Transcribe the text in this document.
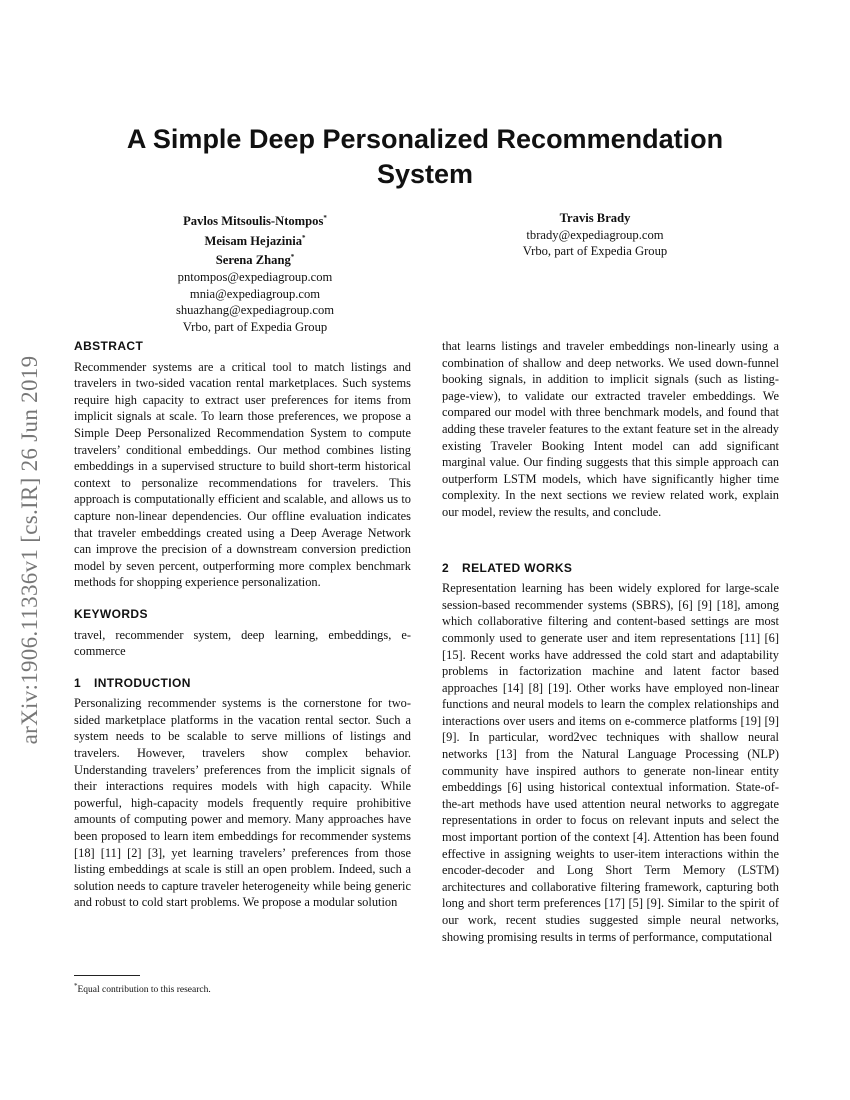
arXiv:1906.11336v1 [cs.IR] 26 Jun 2019
A Simple Deep Personalized Recommendation System
Pavlos Mitsoulis-Ntompos*
Meisam Hejazinia*
Serena Zhang*
pntompos@expediagroup.com
mnia@expediagroup.com
shuazhang@expediagroup.com
Vrbo, part of Expedia Group
Travis Brady
tbrady@expediagroup.com
Vrbo, part of Expedia Group
ABSTRACT

Recommender systems are a critical tool to match listings and travelers in two-sided vacation rental marketplaces. Such systems require high capacity to extract user preferences for items from implicit signals at scale. To learn those preferences, we propose a Simple Deep Personalized Recommendation System to compute travelers’ conditional embeddings. Our method combines listing embeddings in a supervised structure to build short-term historical context to personalize recommendations for travelers. This approach is computationally efficient and scalable, and allows us to capture non-linear dependencies. Our offline evaluation indicates that traveler embeddings created using a Deep Average Network can improve the precision of a downstream conversion prediction model by seven percent, outperforming more complex benchmark methods for shopping experience personalization.

KEYWORDS

travel, recommender system, deep learning, embeddings, e-commerce

1 INTRODUCTION

Personalizing recommender systems is the cornerstone for two-sided marketplace platforms in the vacation rental sector. Such a system needs to be scalable to serve millions of listings and travelers. However, travelers show complex behavior. Understanding travelers’ preferences from the implicit signals of their interactions requires models with high capacity. While powerful, high-capacity models frequently require prohibitive amounts of computing power and memory. Many approaches have been proposed to learn item embeddings for recommender systems [18] [11] [2] [3], yet learning travelers’ preferences from those listing embeddings at scale is still an open problem. Indeed, such a solution needs to capture traveler heterogeneity while being generic and robust to cold start problems. We propose a modular solution

that learns listings and traveler embeddings non-linearly using a combination of shallow and deep networks. We used down-funnel booking signals, in addition to implicit signals (such as listing-page-view), to validate our extracted traveler embeddings. We compared our model with three benchmark models, and found that adding these traveler features to the extant feature set in the already existing Traveler Booking Intent model can add significant marginal value. Our finding suggests that this simple approach can outperform LSTM models, which have significantly higher time complexity. In the next sections we review related work, explain our model, review the results, and conclude.

2 RELATED WORKS

Representation learning has been widely explored for large-scale session-based recommender systems (SBRS), [6] [9] [18], among which collaborative filtering and content-based settings are most commonly used to generate user and item representations [11] [6] [15]. Recent works have addressed the cold start and adaptability problems in factorization machine and latent factor based approaches [14] [8] [19]. Other works have employed non-linear functions and neural models to learn the complex relationships and interactions over users and items on e-commerce platforms [19] [9] [9]. In particular, word2vec techniques with shallow neural networks [13] from the Natural Language Processing (NLP) community have inspired authors to generate non-linear entity embeddings [6] using historical contextual information. State-of-the-art methods have used attention neural networks to aggregate representations in order to focus on relevant inputs and select the most important portion of the context [4]. Attention has been found effective in assigning weights to user-item interactions within the encoder-decoder and Long Short Term Memory (LSTM) architectures and collaborative filtering framework, capturing both long and short term preferences [17] [5] [9]. Similar to the spirit of our work, recent studies suggested simple neural networks, showing promising results in terms of performance, computational

*Equal contribution to this research.
